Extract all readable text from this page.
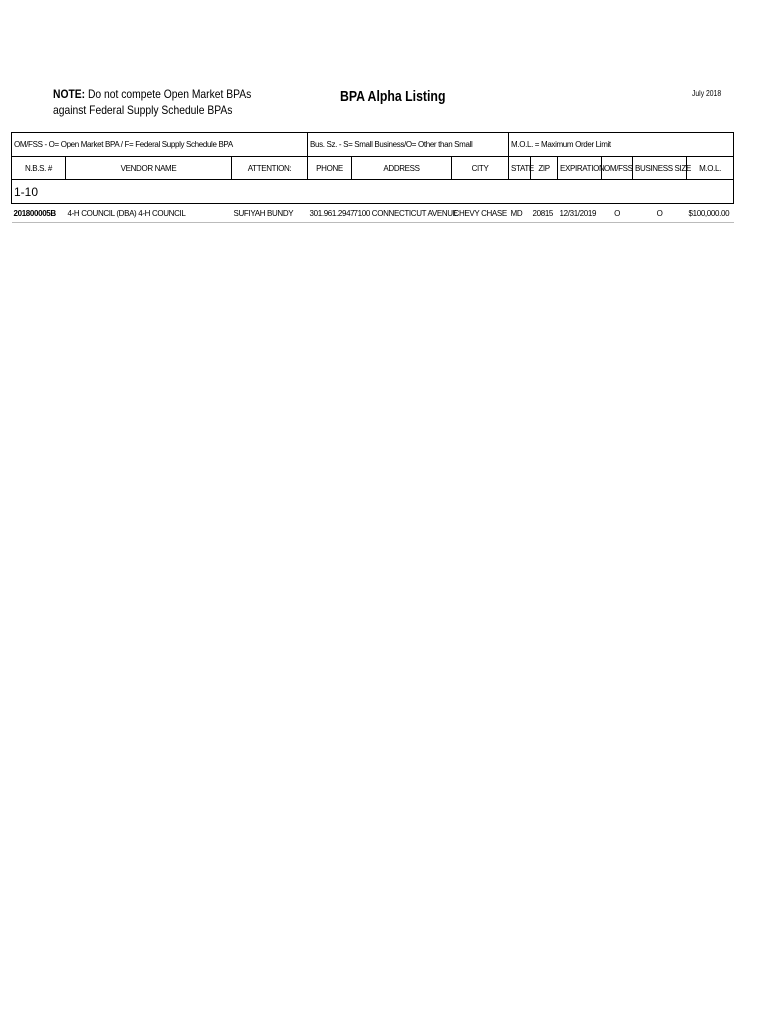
NOTE: Do not compete Open Market BPAs
against Federal Supply Schedule BPAs
BPA Alpha Listing	July 2018
OM/FSS - O= Open Market BPA / F= Federal Supply Schedule BPA			Bus. Sz. - S= Small Business/O= Other than Small			M.O.L. = Maximum Order Limit					
N.B.S. #	VENDOR NAME	ATTENTION:	PHONE	ADDRESS	CITY	STATE	ZIP	EXPIRATION	OM/FSS	BUSINESS SIZE	M.O.L.
1-10											
201800005B	4-H COUNCIL (DBA) 4-H COUNCIL	SUFIYAH BUNDY	301.961.2947	7100 CONNECTICUT AVENUE	CHEVY CHASE	MD	20815	12/31/2019	O	O	$100,000.00
